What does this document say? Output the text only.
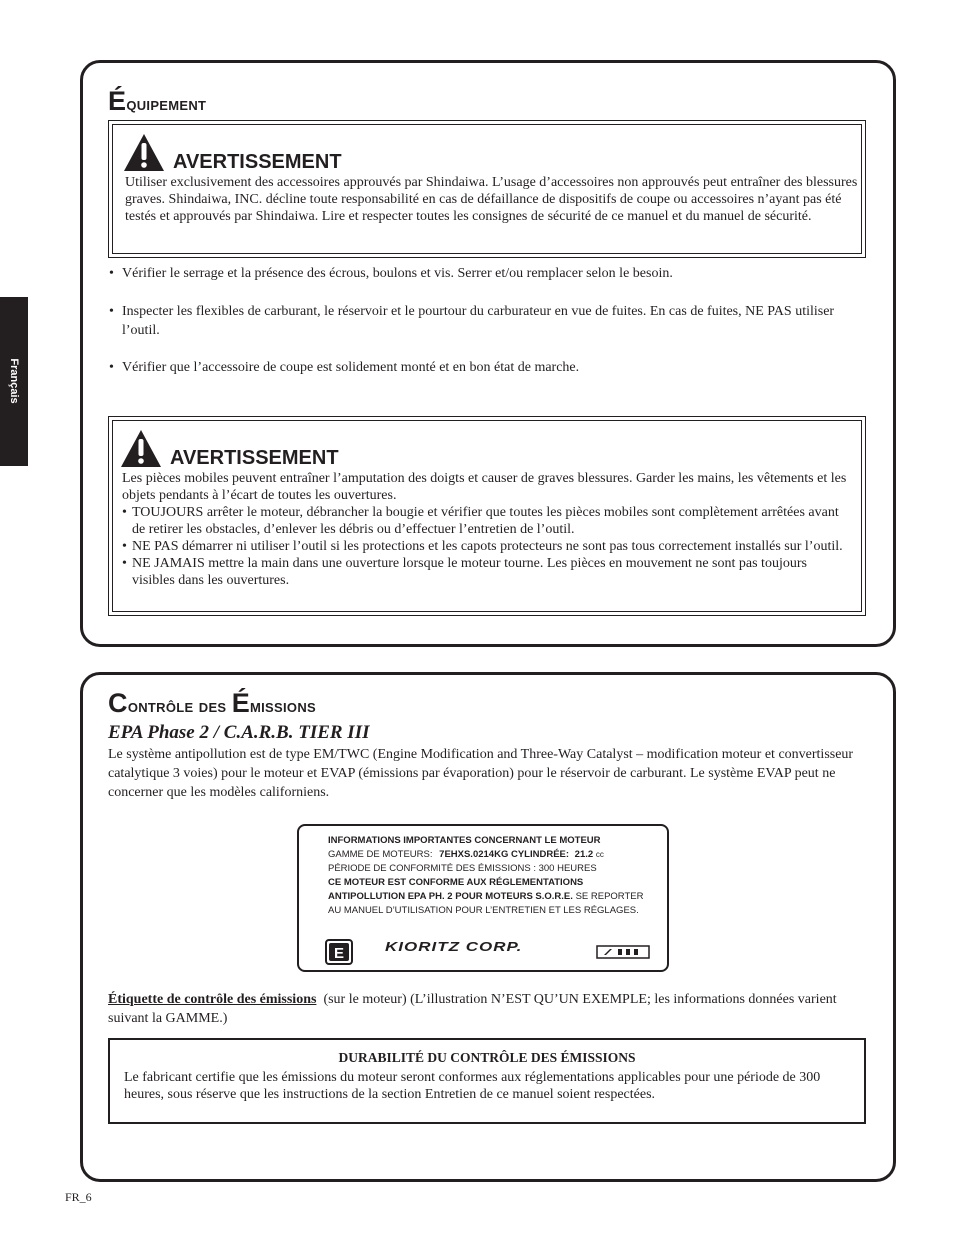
Français
Équipement
AVERTISSEMENT
Utiliser exclusivement des accessoires approuvés par Shindaiwa. L’usage d’accessoires non approuvés peut entraîner des blessures graves. Shindaiwa, INC. décline toute responsabilité en cas de défaillance de dispositifs de coupe ou accessoires n’ayant pas été testés et approuvés par Shindaiwa. Lire et respecter toutes les consignes de sécurité de ce manuel et du manuel de sécurité.
• Vérifier le serrage et la présence des écrous, boulons et vis. Serrer et/ou remplacer selon le besoin.
• Inspecter les flexibles de carburant, le réservoir et le pourtour du carburateur en vue de fuites. En cas de fuites, NE PAS utiliser l’outil.
• Vérifier que l’accessoire de coupe est solidement monté et en bon état de marche.
AVERTISSEMENT
Les pièces mobiles peuvent entraîner l’amputation des doigts et causer de graves blessures. Garder les mains, les vêtements et les objets pendants à l’écart de toutes les ouvertures.
• TOUJOURS arrêter le moteur, débrancher la bougie et vérifier que toutes les pièces mobiles sont complètement arrêtées avant de retirer les obstacles, d’enlever les débris ou d’effectuer l’entretien de l’outil.
• NE PAS démarrer ni utiliser l’outil si les protections et les capots protecteurs ne sont pas tous correctement installés sur l’outil.
• NE JAMAIS mettre la main dans une ouverture lorsque le moteur tourne. Les pièces en mouvement ne sont pas toujours visibles dans les ouvertures.
Contrôle des Émissions
EPA Phase 2 / C.A.R.B. TIER III
Le système antipollution est de type EM/TWC (Engine Modification and Three-Way Catalyst – modification moteur et convertisseur catalytique 3 voies) pour le moteur et EVAP (émissions par évaporation) pour le réservoir de carburant. Le système EVAP peut ne concerner que les modèles californiens.
INFORMATIONS IMPORTANTES CONCERNANT LE MOTEUR
GAMME DE MOTEURS: 7EHXS.0214KG CYLINDRÉE: 21.2 cc
PÉRIODE DE CONFORMITÉ DES ÉMISSIONS : 300 HEURES
CE MOTEUR EST CONFORME AUX RÉGLEMENTATIONS ANTIPOLLUTION EPA PH. 2 POUR MOTEURS S.O.R.E. SE REPORTER AU MANUEL D’UTILISATION POUR L’ENTRETIEN ET LES RÉGLAGES.
E KIORITZ CORP.
Étiquette de contrôle des émissions (sur le moteur) (L’illustration N’EST QU’UN EXEMPLE; les informations données varient suivant la GAMME.)
DURABILITÉ DU CONTRÔLE DES ÉMISSIONS
Le fabricant certifie que les émissions du moteur seront conformes aux réglementations applicables pour une période de 300 heures, sous réserve que les instructions de la section Entretien de ce manuel soient respectées.
FR_6
